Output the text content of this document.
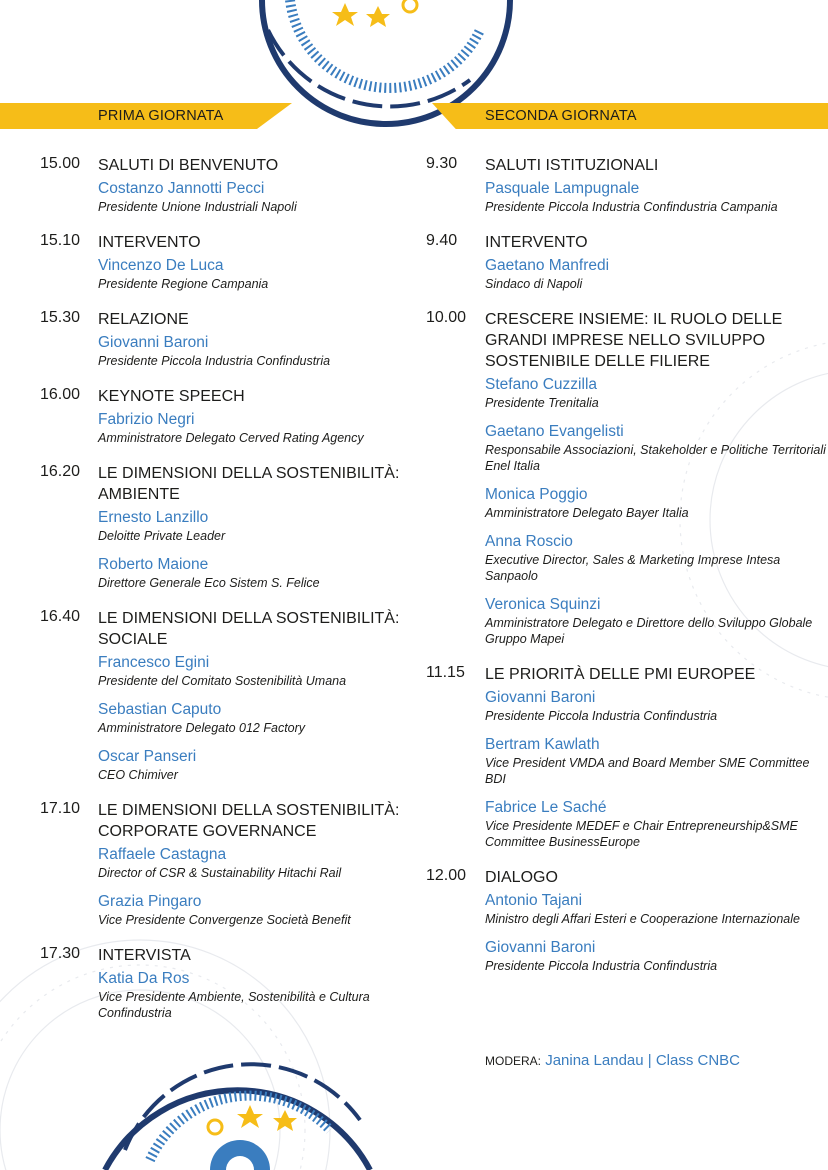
PRIMA GIORNATA	SECONDA GIORNATA
15.00 SALUTI DI BENVENUTO
Costanzo Jannotti Pecci
Presidente Unione Industriali Napoli
15.10 INTERVENTO
Vincenzo De Luca
Presidente Regione Campania
15.30 RELAZIONE
Giovanni Baroni
Presidente Piccola Industria Confindustria
16.00 KEYNOTE SPEECH
Fabrizio Negri
Amministratore Delegato Cerved Rating Agency
16.20 LE DIMENSIONI DELLA SOSTENIBILITÀ: AMBIENTE
Ernesto Lanzillo
Deloitte Private Leader
Roberto Maione
Direttore Generale Eco Sistem S. Felice
16.40 LE DIMENSIONI DELLA SOSTENIBILITÀ: SOCIALE
Francesco Egini
Presidente del Comitato Sostenibilità Umana
Sebastian Caputo
Amministratore Delegato 012 Factory
Oscar Panseri
CEO Chimiver
17.10 LE DIMENSIONI DELLA SOSTENIBILITÀ: CORPORATE GOVERNANCE
Raffaele Castagna
Director of CSR & Sustainability Hitachi Rail
Grazia Pingaro
Vice Presidente Convergenze Società Benefit
17.30 INTERVISTA
Katia Da Ros
Vice Presidente Ambiente, Sostenibilità e Cultura Confindustria
9.30 SALUTI ISTITUZIONALI
Pasquale Lampugnale
Presidente Piccola Industria Confindustria Campania
9.40 INTERVENTO
Gaetano Manfredi
Sindaco di Napoli
10.00 CRESCERE INSIEME: IL RUOLO DELLE GRANDI IMPRESE NELLO SVILUPPO SOSTENIBILE DELLE FILIERE
Stefano Cuzzilla
Presidente Trenitalia
Gaetano Evangelisti
Responsabile Associazioni, Stakeholder e Politiche Territoriali Enel Italia
Monica Poggio
Amministratore Delegato Bayer Italia
Anna Roscio
Executive Director, Sales & Marketing Imprese Intesa Sanpaolo
Veronica Squinzi
Amministratore Delegato e Direttore dello Sviluppo Globale Gruppo Mapei
11.15 LE PRIORITÀ DELLE PMI EUROPEE
Giovanni Baroni
Presidente Piccola Industria Confindustria
Bertram Kawlath
Vice President VMDA and Board Member SME Committee BDI
Fabrice Le Saché
Vice Presidente MEDEF e Chair Entrepreneurship&SME Committee BusinessEurope
12.00 DIALOGO
Antonio Tajani
Ministro degli Affari Esteri e Cooperazione Internazionale
Giovanni Baroni
Presidente Piccola Industria Confindustria
MODERA: Janina Landau | Class CNBC
